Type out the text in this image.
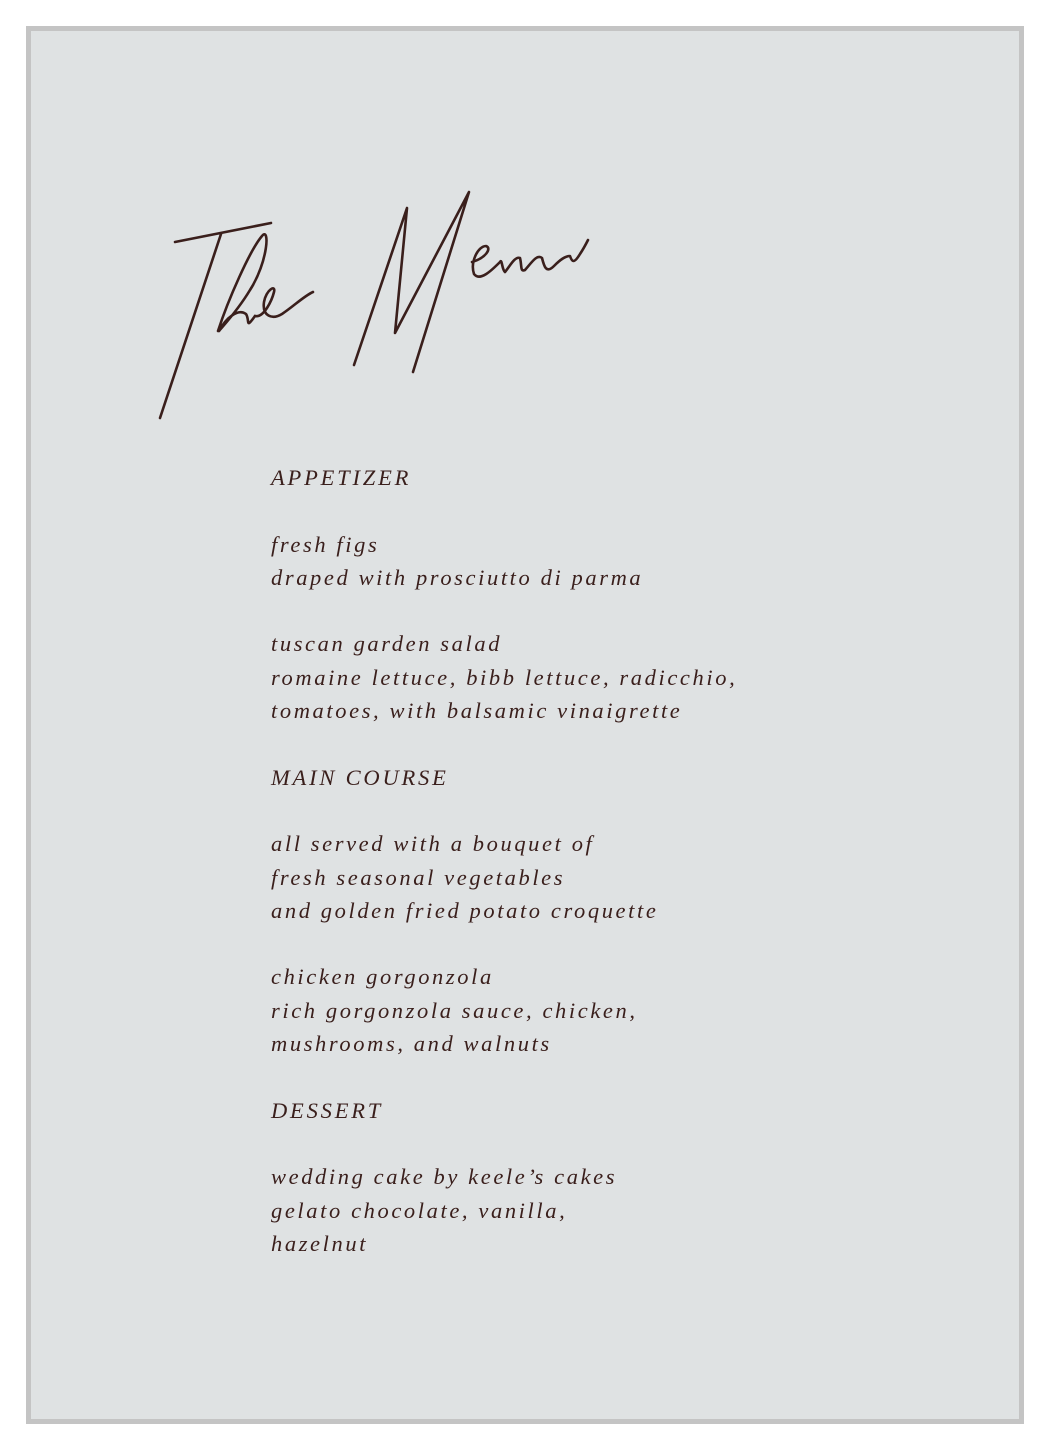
APPETIZER
fresh figs
draped with prosciutto di parma
tuscan garden salad
romaine lettuce, bibb lettuce, radicchio,
tomatoes, with balsamic vinaigrette
MAIN COURSE
all served with a bouquet of
fresh seasonal vegetables
and golden fried potato croquette
chicken gorgonzola
rich gorgonzola sauce, chicken,
mushrooms, and walnuts
DESSERT
wedding cake by keele’s cakes
gelato chocolate, vanilla,
hazelnut
